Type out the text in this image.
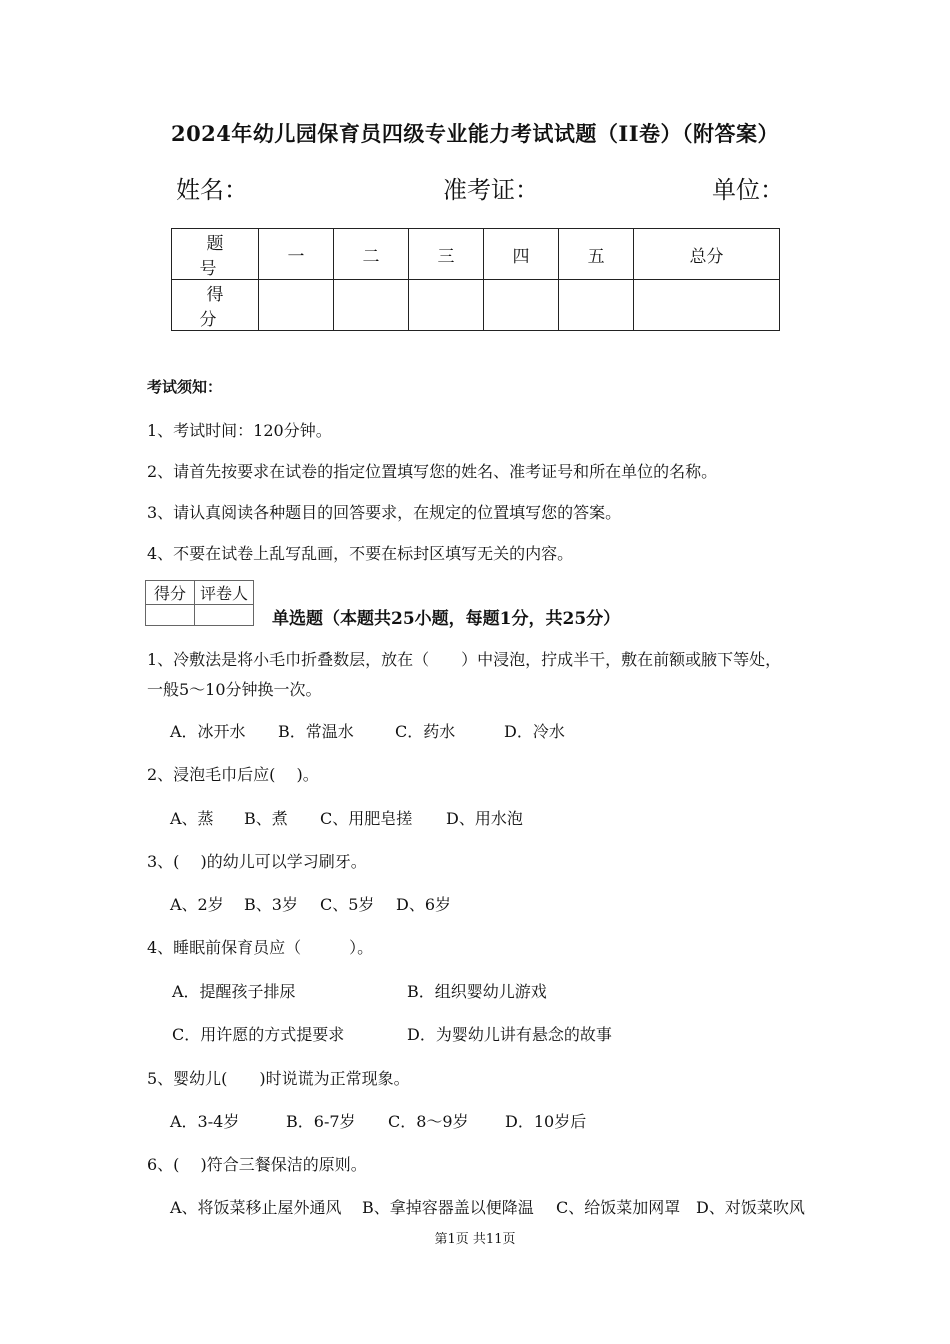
2024年幼儿园保育员四级专业能力考试试题（II卷）（附答案）
姓名：	准考证：	单位：
题　号	一	二	三	四	五	总分
得　分						
考试须知：
1、考试时间：120分钟。
2、请首先按要求在试卷的指定位置填写您的姓名、准考证号和所在单位的名称。
3、请认真阅读各种题目的回答要求，在规定的位置填写您的答案。
4、不要在试卷上乱写乱画，不要在标封区填写无关的内容。
得分	评卷人

单选题（本题共25小题，每题1分，共25分）
1、冷敷法是将小毛巾折叠数层，放在（　　）中浸泡，拧成半干，敷在前额或腋下等处，
一般5～10分钟换一次。
A．冰开水 B．常温水	C．药水	D．冷水
2、浸泡毛巾后应(　 )。
A、蒸 B、煮 C、用肥皂搓 D、用水泡
3、(　 )的幼儿可以学习刷牙。
A、2岁 B、3岁 C、5岁 D、6岁
4、睡眠前保育员应（　　　）。
A．提醒孩子排尿	B．组织婴幼儿游戏
C．用许愿的方式提要求	D．为婴幼儿讲有悬念的故事
5、婴幼儿(　　)时说谎为正常现象。
A．3-4岁	B．6-7岁 C．8～9岁 D．10岁后
6、(　 )符合三餐保洁的原则。
A、将饭菜移止屋外通风 B、拿掉容器盖以便降温 C、给饭菜加网罩 D、对饭菜吹风
第1页 共11页
